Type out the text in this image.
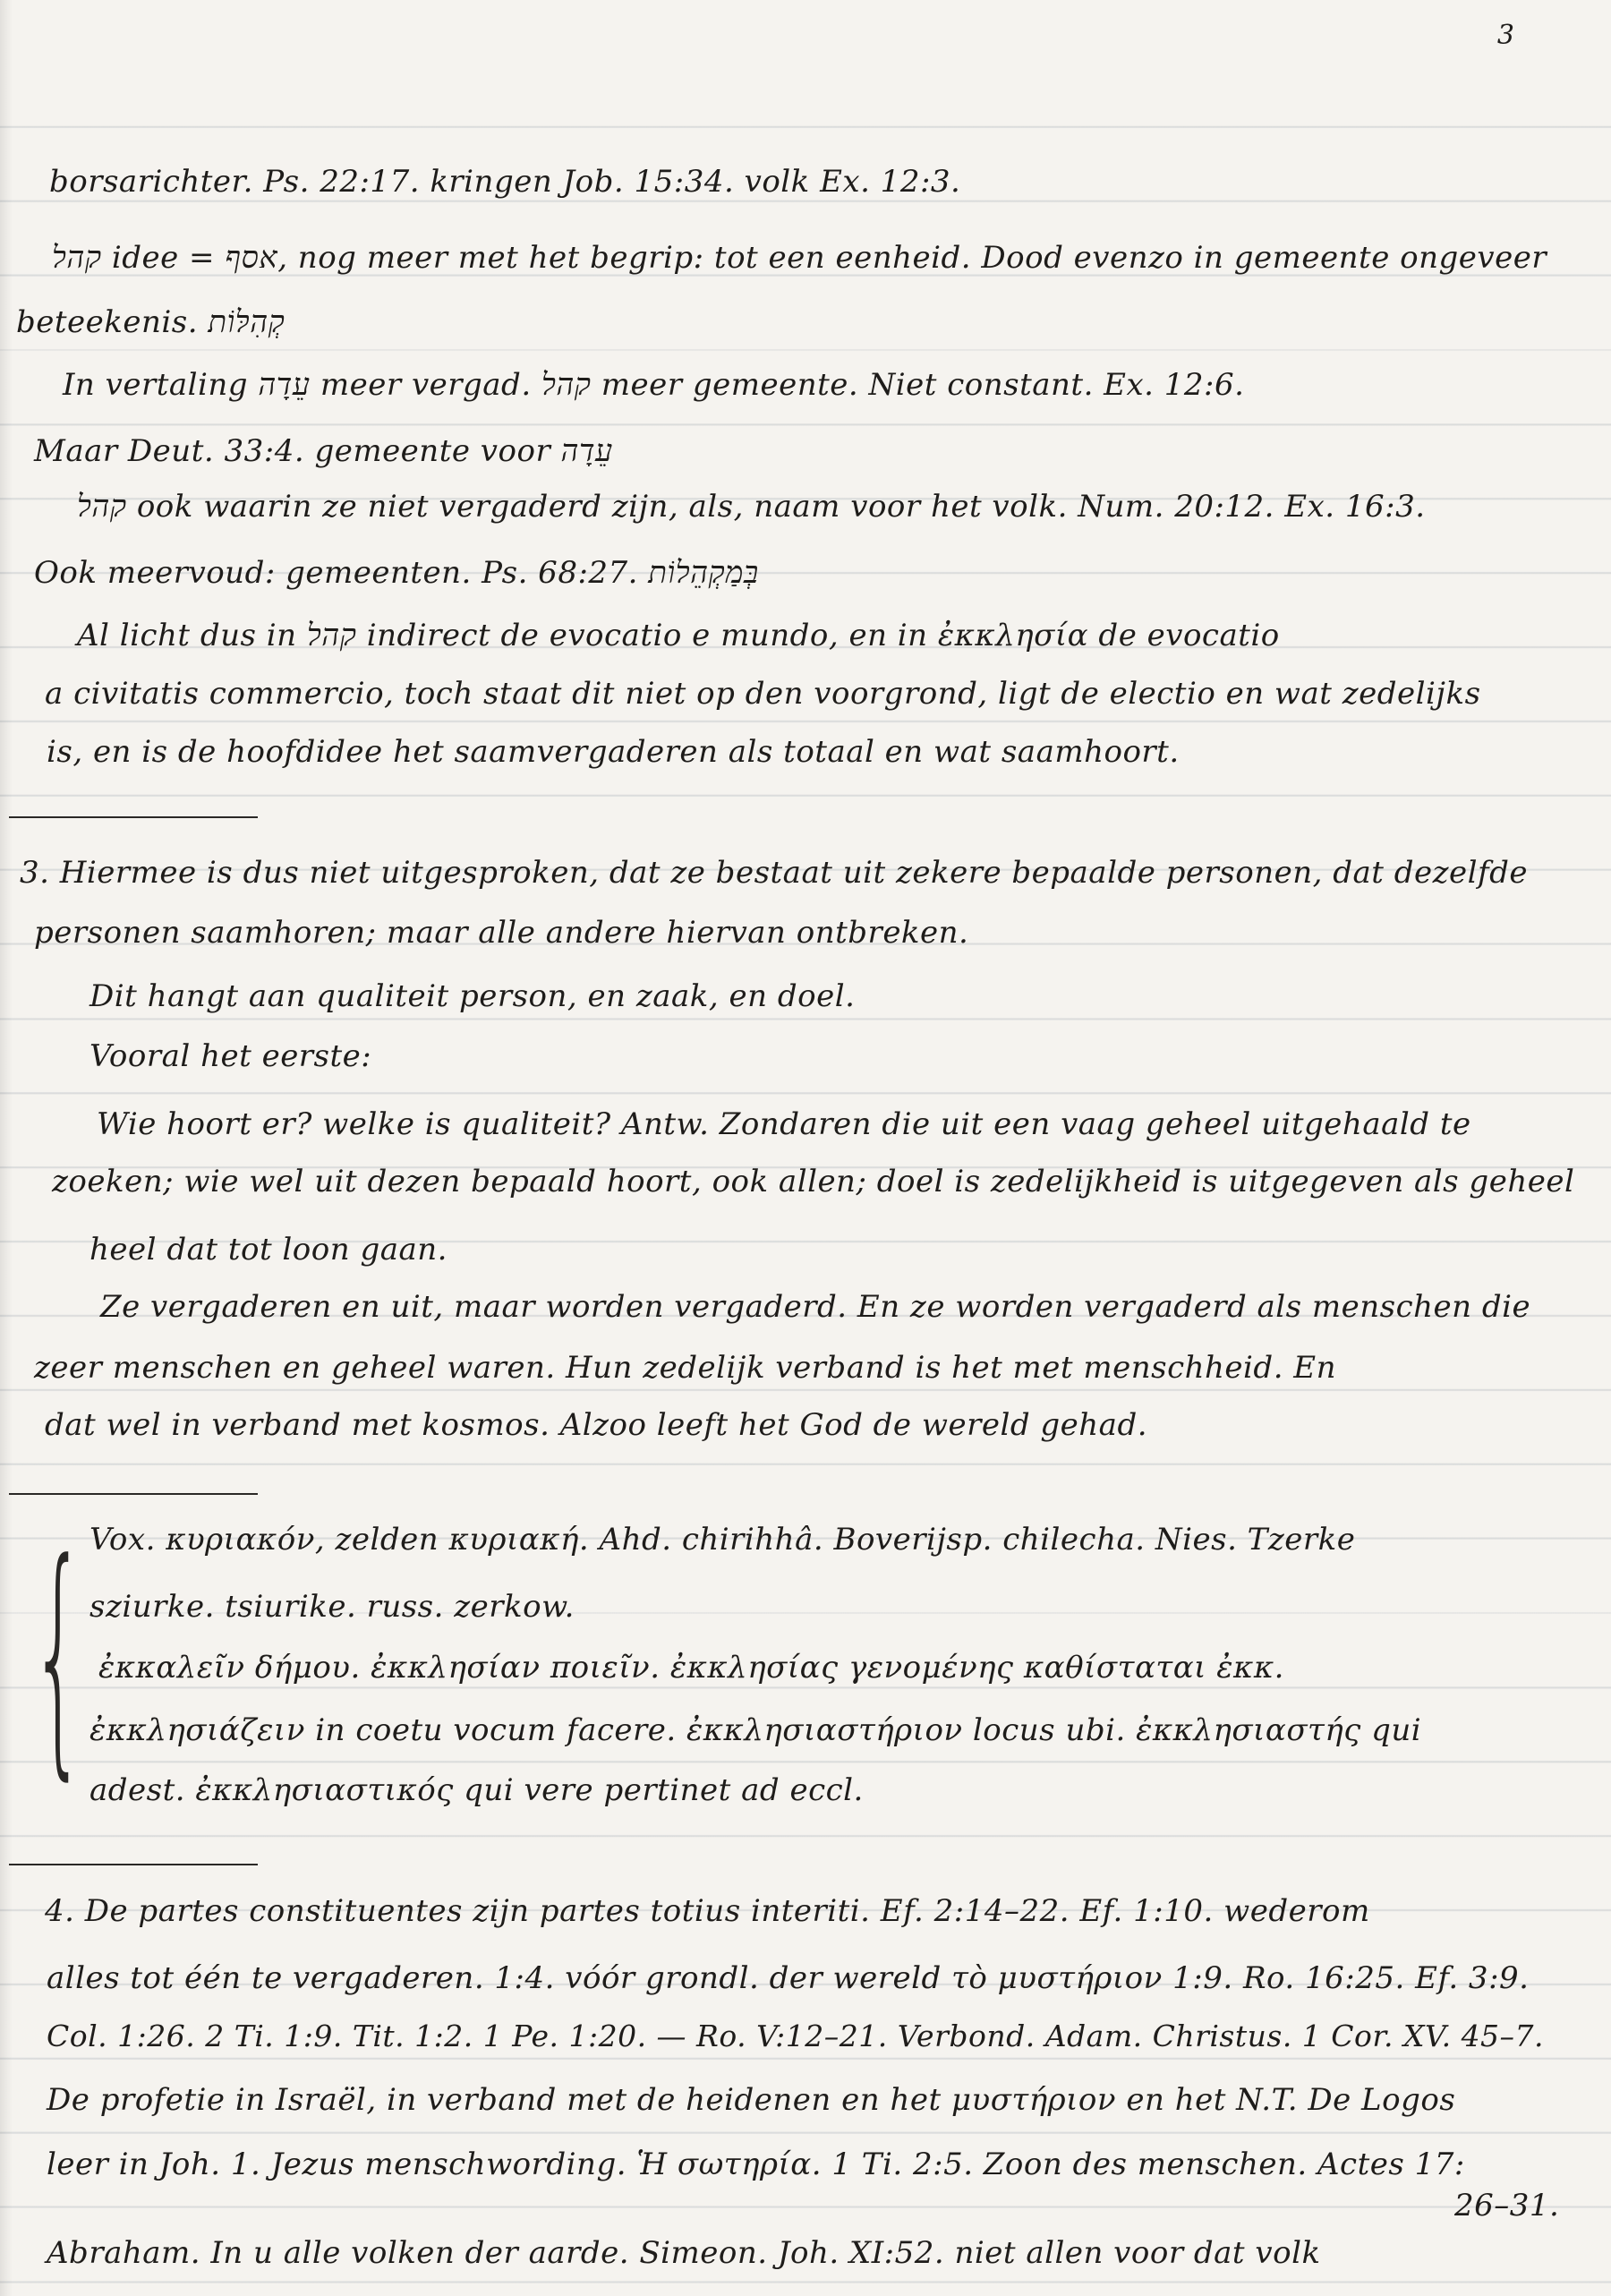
3
borsarichter. Ps. 22:17. kringen Job. 15:34. volk Ex. 12:3.
קהל idee = אסף, nog meer met het begrip: tot een eenheid. Dood evenzo in gemeente ongeveer
beteekenis. קְהִלּוֹת
In vertaling עֵדָה meer vergad. קהל meer gemeente. Niet constant. Ex. 12:6.
Maar Deut. 33:4. gemeente voor עֵדָה
קהל ook waarin ze niet vergaderd zijn, als, naam voor het volk. Num. 20:12. Ex. 16:3.
Ook meervoud: gemeenten. Ps. 68:27. בְּמַקְהֵלוֹת
Al licht dus in קהל indirect de evocatio e mundo, en in ἐκκλησία de evocatio
a civitatis commercio, toch staat dit niet op den voorgrond, ligt de electio en wat zedelijks
is, en is de hoofdidee het saamvergaderen als totaal en wat saamhoort.
3. Hiermee is dus niet uitgesproken, dat ze bestaat uit zekere bepaalde personen, dat dezelfde
personen saamhoren; maar alle andere hiervan ontbreken.
Dit hangt aan qualiteit person, en zaak, en doel.
Vooral het eerste:
Wie hoort er? welke is qualiteit? Antw. Zondaren die uit een vaag geheel uitgehaald te
zoeken; wie wel uit dezen bepaald hoort, ook allen; doel is zedelijkheid is uitgegeven als geheel
heel dat tot loon gaan.
Ze vergaderen en uit, maar worden vergaderd. En ze worden vergaderd als menschen die
zeer menschen en geheel waren. Hun zedelijk verband is het met menschheid. En
dat wel in verband met kosmos. Alzoo leeft het God de wereld gehad.
{ Vox. κυριακόν, zelden κυριακή. Ahd. chirihhâ. Boverijsp. chilecha. Nies. Tzerke
sziurke. tsiurike. russ. zerkow.
ἐκκαλεῖν δήμου. ἐκκλησίαν ποιεῖν. ἐκκλησίας γενομένης καθίσταται ἐκκ.
ἐκκλησιάζειν in coetu vocum facere. ἐκκλησιαστήριον locus ubi. ἐκκλησιαστής qui
adest. ἐκκλησιαστικός qui vere pertinet ad eccl.
4. De partes constituentes zijn partes totius interiti. Ef. 2:14–22. Ef. 1:10. wederom
alles tot één te vergaderen. 1:4. vóór grondl. der wereld τὸ μυστήριον 1:9. Ro. 16:25. Ef. 3:9.
Col. 1:26. 2 Ti. 1:9. Tit. 1:2. 1 Pe. 1:20. — Ro. V:12–21. Verbond. Adam. Christus. 1 Cor. XV. 45–7.
De profetie in Israël, in verband met de heidenen en het μυστήριον en het N.T. De Logos
leer in Joh. 1. Jezus menschwording. Ἡ σωτηρία. 1 Ti. 2:5. Zoon des menschen. Actes 17:
26–31.
Abraham. In u alle volken der aarde. Simeon. Joh. XI:52. niet allen voor dat volk
